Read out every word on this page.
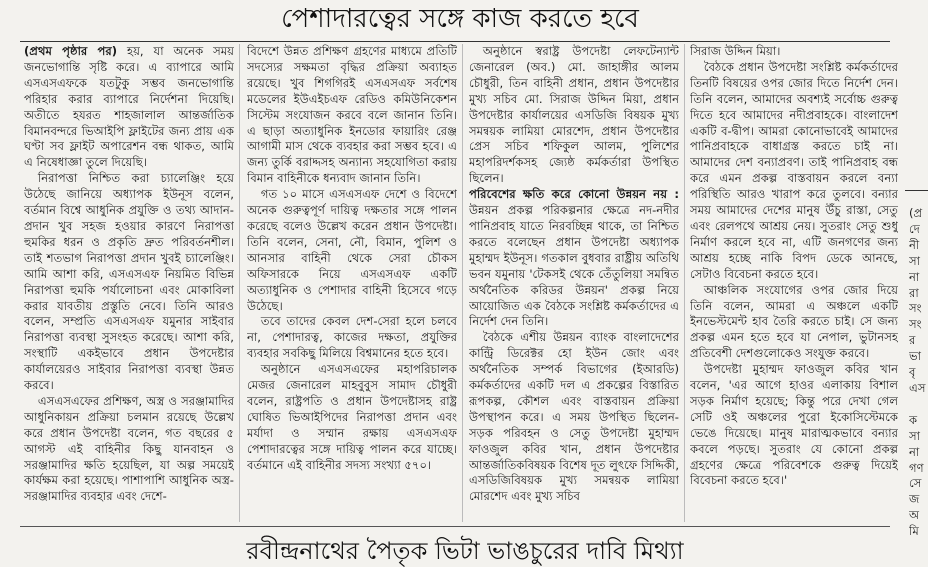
পেশাদারত্বের সঙ্গে কাজ করতে হবে

(প্রথম পৃষ্ঠার পর) হয়, যা অনেক সময় জনভোগান্তি সৃষ্টি করে। এ ব্যাপারে আমি এসএসএফকে যতটুকু সম্ভব জনভোগান্তি পরিহার করার ব্যাপারে নির্দেশনা দিয়েছি। অতীতে হযরত শাহজালাল আন্তর্জাতিক বিমানবন্দরে ভিআইপি ফ্লাইটের জন্য প্রায় এক ঘণ্টা সব ফ্লাইট অপারেশন বন্ধ থাকত, আমি এ নিষেধাজ্ঞা তুলে দিয়েছি।

নিরাপত্তা নিশ্চিত করা চ্যালেঞ্জিং হয়ে উঠেছে জানিয়ে অধ্যাপক ইউনূস বলেন, বর্তমান বিশ্বে আধুনিক প্রযুক্তি ও তথ্য আদান-প্রদান খুব সহজ হওয়ার কারণে নিরাপত্তা হুমকির ধরন ও প্রকৃতি দ্রুত পরিবর্তনশীল। তাই শতভাগ নিরাপত্তা প্রদান খুবই চ্যালেঞ্জিং। আমি আশা করি, এসএসএফ নিয়মিত বিভিন্ন নিরাপত্তা হুমকি পর্যালোচনা এবং মোকাবিলা করার যাবতীয় প্রস্তুতি নেবে। তিনি আরও বলেন, সম্প্রতি এসএসএফ যমুনার সাইবার নিরাপত্তা ব্যবস্থা সুসংহত করেছে। আশা করি, সংস্থাটি একইভাবে প্রধান উপদেষ্টার কার্যালয়েরও সাইবার নিরাপত্তা ব্যবস্থা উন্নত করবে।

এসএসএফের প্রশিক্ষণ, অস্ত্র ও সরঞ্জামাদির আধুনিকায়ন প্রক্রিয়া চলমান রয়েছে উল্লেখ করে প্রধান উপদেষ্টা বলেন, গত বছরের ৫ আগস্ট এই বাহিনীর কিছু যানবাহন ও সরঞ্জামাদির ক্ষতি হয়েছিল, যা অল্প সময়েই কার্যক্ষম করা হয়েছে। পাশাপাশি আধুনিক অস্ত্র-সরঞ্জামাদির ব্যবহার এবং দেশে-

বিদেশে উন্নত প্রশিক্ষণ গ্রহণের মাধ্যমে প্রতিটি সদস্যের সক্ষমতা বৃদ্ধির প্রক্রিয়া অব্যাহত রয়েছে। খুব শিগগিরই এসএসএফ সর্বশেষ মডেলের ইউএইচএফ রেডিও কমিউনিকেশন সিস্টেম সংযোজন করবে বলে জানান তিনি। এ ছাড়া অত্যাধুনিক ইনডোর ফায়ারিং রেঞ্জ আগামী মাস থেকে ব্যবহার করা সম্ভব হবে। এ জন্য তুর্কি বরাদ্দসহ অন্যান্য সহযোগিতা করায় বিমান বাহিনীকে ধন্যবাদ জানান তিনি।

গত ১০ মাসে এসএসএফ দেশে ও বিদেশে অনেক গুরুত্বপূর্ণ দায়িত্ব দক্ষতার সঙ্গে পালন করেছে বলেও উল্লেখ করেন প্রধান উপদেষ্টা। তিনি বলেন, সেনা, নৌ, বিমান, পুলিশ ও আনসার বাহিনী থেকে সেরা চৌকস অফিসারকে নিয়ে এসএসএফ একটি অত্যাধুনিক ও পেশাদার বাহিনী হিসেবে গড়ে উঠেছে।

তবে তাদের কেবল দেশ-সেরা হলে চলবে না, পেশাদারত্ব, কাজের দক্ষতা, প্রযুক্তির ব্যবহার সবকিছু মিলিয়ে বিশ্বমানের হতে হবে।

অনুষ্ঠানে এসএসএফের মহাপরিচালক মেজর জেনারেল মাহবুবুস সামাদ চৌধুরী বলেন, রাষ্ট্রপতি ও প্রধান উপদেষ্টাসহ রাষ্ট্র ঘোষিত ভিআইপিদের নিরাপত্তা প্রদান এবং মর্যাদা ও সম্মান রক্ষায় এসএসএফ পেশাদারত্বের সঙ্গে দায়িত্ব পালন করে যাচ্ছে। বর্তমানে এই বাহিনীর সদস্য সংখ্যা ৫৭০।

অনুষ্ঠানে স্বরাষ্ট্র উপদেষ্টা লেফটেন্যান্ট জেনারেল (অব.) মো. জাহাঙ্গীর আলম চৌধুরী, তিন বাহিনী প্রধান, প্রধান উপদেষ্টার মুখ্য সচিব মো. সিরাজ উদ্দিন মিয়া, প্রধান উপদেষ্টার কার্যালয়ের এসডিজি বিষয়ক মুখ্য সমন্বয়ক লামিয়া মোরশেদ, প্রধান উপদেষ্টার প্রেস সচিব শফিকুল আলম, পুলিশের মহাপরিদর্শকসহ জ্যেষ্ঠ কর্মকর্তারা উপস্থিত ছিলেন।

পরিবেশের ক্ষতি করে কোনো উন্নয়ন নয় : উন্নয়ন প্রকল্প পরিকল্পনার ক্ষেত্রে নদ-নদীর পানিপ্রবাহ যাতে নিরবচ্ছিন্ন থাকে, তা নিশ্চিত করতে বলেছেন প্রধান উপদেষ্টা অধ্যাপক মুহাম্মদ ইউনূস। গতকাল বুধবার রাষ্ট্রীয় অতিথি ভবন যমুনায় 'টেকসই থেকে তেঁতুলিয়া সমন্বিত অর্থনৈতিক করিডর উন্নয়ন' প্রকল্প নিয়ে আয়োজিত এক বৈঠকে সংশ্লিষ্ট কর্মকর্তাদের এ নির্দেশ দেন তিনি।

বৈঠকে এশীয় উন্নয়ন ব্যাংক বাংলাদেশের কান্ট্রি ডিরেক্টর হো ইউন জোং এবং অর্থনৈতিক সম্পর্ক বিভাগের (ইআরডি) কর্মকর্তাদের একটি দল এ প্রকল্পের বিস্তারিত রূপকল্প, কৌশল এবং বাস্তবায়ন প্রক্রিয়া উপস্থাপন করে। এ সময় উপস্থিত ছিলেন- সড়ক পরিবহন ও সেতু উপদেষ্টা মুহাম্মদ ফাওজুল কবির খান, প্রধান উপদেষ্টার আন্তর্জাতিকবিষয়ক বিশেষ দূত লুৎফে সিদ্দিকী, এসডিজিবিষয়ক মুখ্য সমন্বয়ক লামিয়া মোরশেদ এবং মুখ্য সচিব

সিরাজ উদ্দিন মিয়া।

বৈঠকে প্রধান উপদেষ্টা সংশ্লিষ্ট কর্মকর্তাদের তিনটি বিষয়ের ওপর জোর দিতে নির্দেশ দেন। তিনি বলেন, আমাদের অবশ্যই সর্বোচ্চ গুরুত্ব দিতে হবে আমাদের নদীপ্রবাহকে। বাংলাদেশ একটি ব-দ্বীপ। আমরা কোনোভাবেই আমাদের পানিপ্রবাহকে বাধাগ্রস্ত করতে চাই না। আমাদের দেশ বন্যাপ্রবণ। তাই পানিপ্রবাহ বন্ধ করে এমন প্রকল্প বাস্তবায়ন করলে বন্যা পরিস্থিতি আরও খারাপ করে তুলবে। বন্যার সময় আমাদের দেশের মানুষ উঁচু রাস্তা, সেতু এবং রেলপথে আশ্রয় নেয়। সুতরাং সেতু শুধু নির্মাণ করলে হবে না, এটি জনগণের জন্য আশ্রয় হচ্ছে নাকি বিপদ ডেকে আনছে, সেটাও বিবেচনা করতে হবে।

আঞ্চলিক সংযোগের ওপর জোর দিয়ে তিনি বলেন, আমরা এ অঞ্চলে একটি ইনভেস্টমেন্ট হাব তৈরি করতে চাই। সে জন্য প্রকল্প এমন হতে হবে যা নেপাল, ভুটানসহ প্রতিবেশী দেশগুলোকেও সংযুক্ত করবে।

উপদেষ্টা মুহাম্মদ ফাওজুল কবির খান বলেন, 'এর আগে হাওর এলাকায় বিশাল সড়ক নির্মাণ হয়েছে; কিন্তু পরে দেখা গেল সেটি ওই অঞ্চলের পুরো ইকোসিস্টেমকে ভেঙে দিয়েছে। মানুষ মারাত্মকভাবে বন্যার কবলে পড়ছে। সুতরাং যে কোনো প্রকল্প গ্রহণের ক্ষেত্রে পরিবেশকে গুরুত্ব দিয়েই বিবেচনা করতে হবে।'

(প্র
দে
নী
সা
না
রা
সং
সং
র
ভা
বৃ
এস

ক
সা
না
গণ
সে
জ
অ
মি
রবীন্দ্রনাথের পৈতৃক ভিটা ভাঙচুরের দাবি মিথ্যা
